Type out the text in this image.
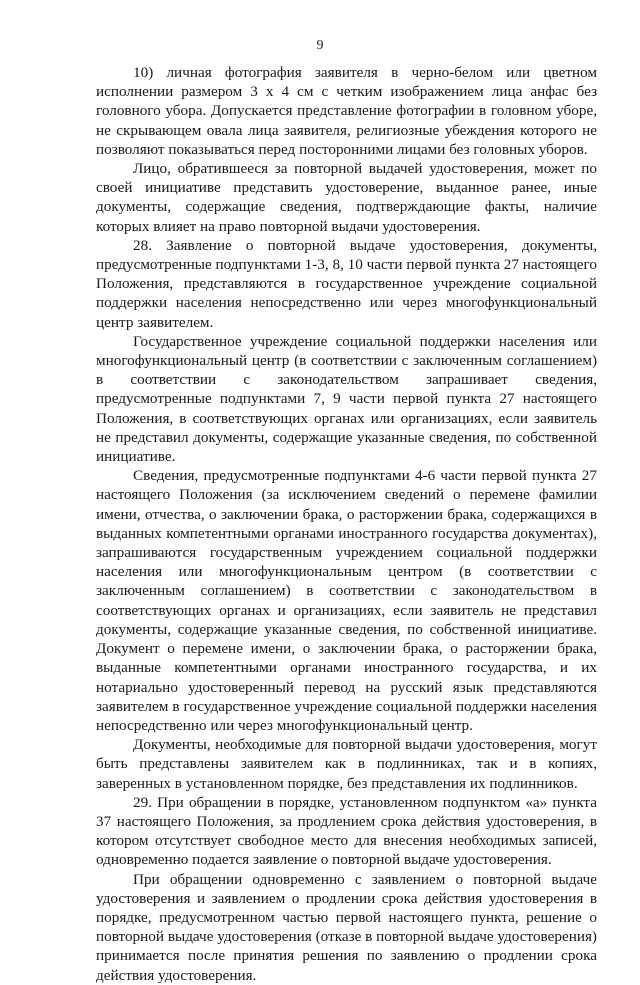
9

10) личная фотография заявителя в черно-белом или цветном исполнении размером 3 х 4 см с четким изображением лица анфас без головного убора. Допускается представление фотографии в головном уборе, не скрывающем овала лица заявителя, религиозные убеждения которого не позволяют показываться перед посторонними лицами без головных уборов.

Лицо, обратившееся за повторной выдачей удостоверения, может по своей инициативе представить удостоверение, выданное ранее, иные документы, содержащие сведения, подтверждающие факты, наличие которых влияет на право повторной выдачи удостоверения.

28. Заявление о повторной выдаче удостоверения, документы, предусмотренные подпунктами 1-3, 8, 10 части первой пункта 27 настоящего Положения, представляются в государственное учреждение социальной поддержки населения непосредственно или через многофункциональный центр заявителем.

Государственное учреждение социальной поддержки населения или многофункциональный центр (в соответствии с заключенным соглашением) в соответствии с законодательством запрашивает сведения, предусмотренные подпунктами 7, 9 части первой пункта 27 настоящего Положения, в соответствующих органах или организациях, если заявитель не представил документы, содержащие указанные сведения, по собственной инициативе.

Сведения, предусмотренные подпунктами 4-6 части первой пункта 27 настоящего Положения (за исключением сведений о перемене фамилии имени, отчества, о заключении брака, о расторжении брака, содержащихся в выданных компетентными органами иностранного государства документах), запрашиваются государственным учреждением социальной поддержки населения или многофункциональным центром (в соответствии с заключенным соглашением) в соответствии с законодательством в соответствующих органах и организациях, если заявитель не представил документы, содержащие указанные сведения, по собственной инициативе. Документ о перемене имени, о заключении брака, о расторжении брака, выданные компетентными органами иностранного государства, и их нотариально удостоверенный перевод на русский язык представляются заявителем в государственное учреждение социальной поддержки населения непосредственно или через многофункциональный центр.

Документы, необходимые для повторной выдачи удостоверения, могут быть представлены заявителем как в подлинниках, так и в копиях, заверенных в установленном порядке, без представления их подлинников.

29. При обращении в порядке, установленном подпунктом «а» пункта 37 настоящего Положения, за продлением срока действия удостоверения, в котором отсутствует свободное место для внесения необходимых записей, одновременно подается заявление о повторной выдаче удостоверения.

При обращении одновременно с заявлением о повторной выдаче удостоверения и заявлением о продлении срока действия удостоверения в порядке, предусмотренном частью первой настоящего пункта, решение о повторной выдаче удостоверения (отказе в повторной выдаче удостоверения) принимается после принятия решения по заявлению о продлении срока действия удостоверения.
